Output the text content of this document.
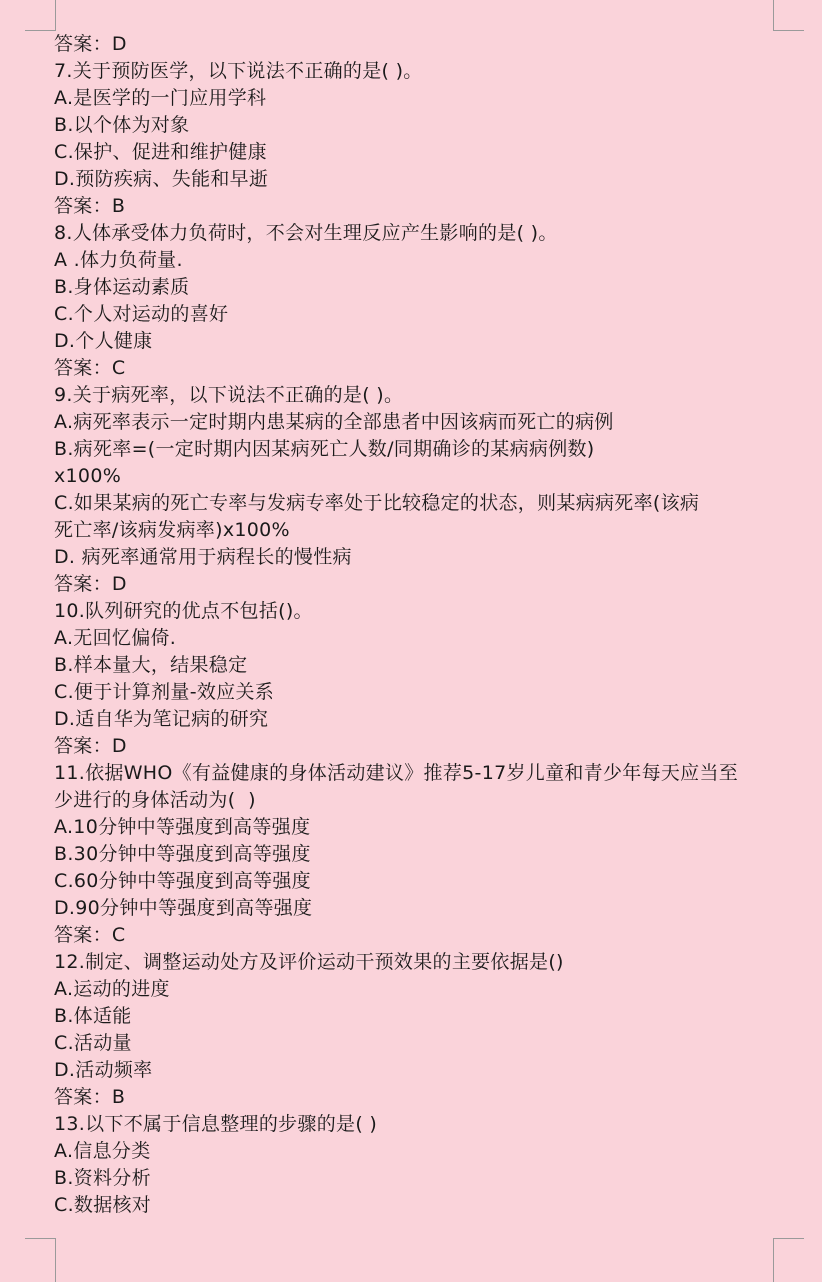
答案：D

7.关于预防医学，以下说法不正确的是( )。

A.是医学的一门应用学科

B.以个体为对象

C.保护、促进和维护健康

D.预防疾病、失能和早逝

答案：B

8.人体承受体力负荷时，不会对生理反应产生影响的是( )。

A .体力负荷量.

B.身体运动素质

C.个人对运动的喜好

D.个人健康

答案：C

9.关于病死率，以下说法不正确的是( )。

A.病死率表示一定时期内患某病的全部患者中因该病而死亡的病例

B.病死率=(一定时期内因某病死亡人数/同期确诊的某病病例数)

x100%

C.如果某病的死亡专率与发病专率处于比较稳定的状态，则某病病死率(该病

死亡率/该病发病率)x100%

D. 病死率通常用于病程长的慢性病

答案：D

10.队列研究的优点不包括()。

A.无回忆偏倚.

B.样本量大，结果稳定

C.便于计算剂量-效应关系

D.适自华为笔记病的研究

答案：D

11.依据WHO《有益健康的身体活动建议》推荐5-17岁儿童和青少年每天应当至

少进行的身体活动为(  )

A.10分钟中等强度到高等强度

B.30分钟中等强度到高等强度

C.60分钟中等强度到高等强度

D.90分钟中等强度到高等强度

答案：C

12.制定、调整运动处方及评价运动干预效果的主要依据是()

A.运动的进度

B.体适能

C.活动量

D.活动频率

答案：B

13.以下不属于信息整理的步骤的是( )

A.信息分类

B.资料分析

C.数据核对
